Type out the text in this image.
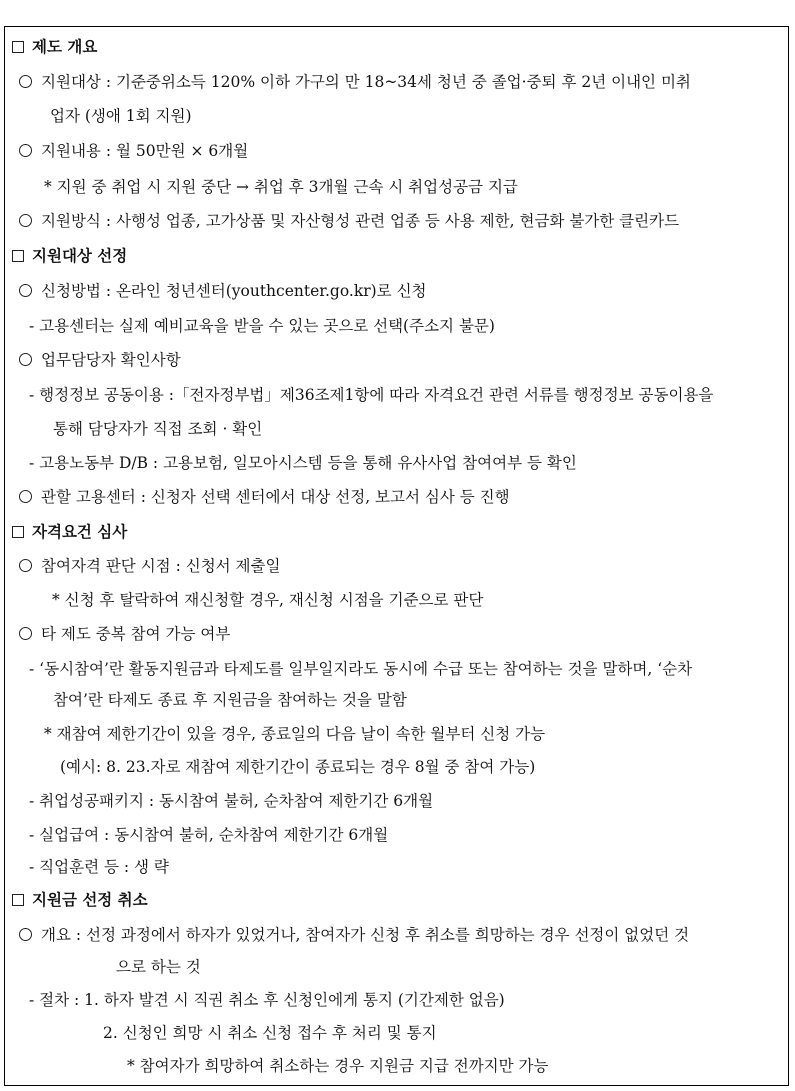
제도 개요
지원대상 : 기준중위소득 120% 이하 가구의 만 18~34세 청년 중 졸업·중퇴 후 2년 이내인 미취
업자 (생애 1회 지원)
지원내용 : 월 50만원 × 6개월
* 지원 중 취업 시 지원 중단 → 취업 후 3개월 근속 시 취업성공금 지급
지원방식 : 사행성 업종, 고가상품 및 자산형성 관련 업종 등 사용 제한, 현금화 불가한 클린카드
지원대상 선정
신청방법 : 온라인 청년센터(youthcenter.go.kr)로 신청
- 고용센터는 실제 예비교육을 받을 수 있는 곳으로 선택(주소지 불문)
업무담당자 확인사항
- 행정정보 공동이용 :「전자정부법」제36조제1항에 따라 자격요건 관련 서류를 행정정보 공동이용을
통해 담당자가 직접 조회 · 확인
- 고용노동부 D/B : 고용보험, 일모아시스템 등을 통해 유사사업 참여여부 등 확인
관할 고용센터 : 신청자 선택 센터에서 대상 선정, 보고서 심사 등 진행
자격요건 심사
참여자격 판단 시점 : 신청서 제출일
* 신청 후 탈락하여 재신청할 경우, 재신청 시점을 기준으로 판단
타 제도 중복 참여 가능 여부
- ‘동시참여’란 활동지원금과 타제도를 일부일지라도 동시에 수급 또는 참여하는 것을 말하며, ‘순차
참여’란 타제도 종료 후 지원금을 참여하는 것을 말함
* 재참여 제한기간이 있을 경우, 종료일의 다음 날이 속한 월부터 신청 가능
(예시: 8. 23.자로 재참여 제한기간이 종료되는 경우 8월 중 참여 가능)
- 취업성공패키지 : 동시참여 불허, 순차참여 제한기간 6개월
- 실업급여 : 동시참여 불허, 순차참여 제한기간 6개월
- 직업훈련 등 : 생 략
지원금 선정 취소
개요 : 선정 과정에서 하자가 있었거나, 참여자가 신청 후 취소를 희망하는 경우 선정이 없었던 것
으로 하는 것
- 절차 : 1. 하자 발견 시 직권 취소 후 신청인에게 통지 (기간제한 없음)
2. 신청인 희망 시 취소 신청 접수 후 처리 및 통지
* 참여자가 희망하여 취소하는 경우 지원금 지급 전까지만 가능
